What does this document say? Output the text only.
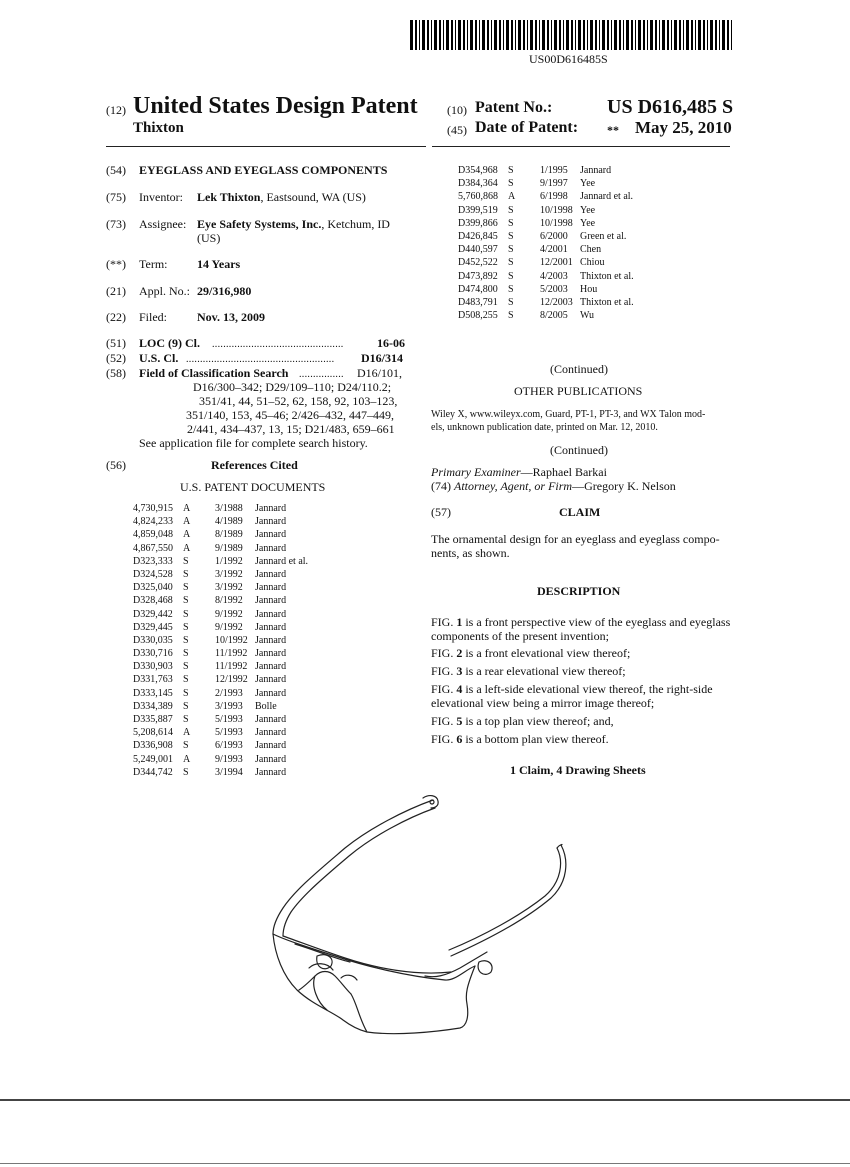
US00D616485S
(12) United States Design Patent
Thixton
(10) Patent No.:	US D616,485 S
(45) Date of Patent: ** May 25, 2010
(54) EYEGLASS AND EYEGLASS COMPONENTS
(75) Inventor: Lek Thixton, Eastsound, WA (US)
(73) Assignee: Eye Safety Systems, Inc., Ketchum, ID
(US)
(**) Term: 14 Years
(21) Appl. No.: 29/316,980
(22) Filed: Nov. 13, 2009
(51) LOC (9) Cl. ...............................................	16-06
(52) U.S. Cl. ..................................................... D16/314
(58) Field of Classification Search ................ D16/101,
D16/300–342; D29/109–110; D24/110.2;
351/41, 44, 51–52, 62, 158, 92, 103–123,
351/140, 153, 45–46; 2/426–432, 447–449,
2/441, 434–437, 13, 15; D21/483, 659–661
See application file for complete search history.
(56)	References Cited
U.S. PATENT DOCUMENTS
4,730,915 A 3/1988 Jannard
4,824,233 A 4/1989 Jannard
4,859,048 A 8/1989 Jannard
4,867,550 A 9/1989 Jannard
D323,333 S	1/1992 Jannard et al.
D324,528 S	3/1992 Jannard
D325,040 S	3/1992 Jannard
D328,468 S	8/1992 Jannard
D329,442 S	9/1992 Jannard
D329,445 S	9/1992 Jannard
D330,035 S	10/1992 Jannard
D330,716 S	11/1992 Jannard
D330,903 S	11/1992 Jannard
D331,763 S	12/1992 Jannard
D333,145 S	2/1993 Jannard
D334,389 S	3/1993 Bolle
D335,887 S	5/1993 Jannard
5,208,614 A 5/1993 Jannard
D336,908 S	6/1993 Jannard
5,249,001 A 9/1993 Jannard
D344,742 S	3/1994 Jannard
D354,968 S	1/1995 Jannard
D384,364 S	9/1997 Yee
5,760,868 A 6/1998 Jannard et al.
D399,519 S	10/1998 Yee
D399,866 S	10/1998 Yee
D426,845 S	6/2000 Green et al.
D440,597 S	4/2001 Chen
D452,522 S	12/2001 Chiou
D473,892 S	4/2003 Thixton et al.
D474,800 S	5/2003 Hou
D483,791 S	12/2003 Thixton et al.
D508,255 S	8/2005 Wu
(Continued)
OTHER PUBLICATIONS
Wiley X, www.wileyx.com, Guard, PT-1, PT-3, and WX Talon mod-
els, unknown publication date, printed on Mar. 12, 2010.
(Continued)
Primary Examiner—Raphael Barkai
(74) Attorney, Agent, or Firm—Gregory K. Nelson
(57)	CLAIM
The ornamental design for an eyeglass and eyeglass compo-
nents, as shown.
DESCRIPTION
FIG. 1 is a front perspective view of the eyeglass and eyeglass
components of the present invention;
FIG. 2 is a front elevational view thereof;
FIG. 3 is a rear elevational view thereof;
FIG. 4 is a left-side elevational view thereof, the right-side
elevational view being a mirror image thereof;
FIG. 5 is a top plan view thereof; and,
FIG. 6 is a bottom plan view thereof.
1 Claim, 4 Drawing Sheets
